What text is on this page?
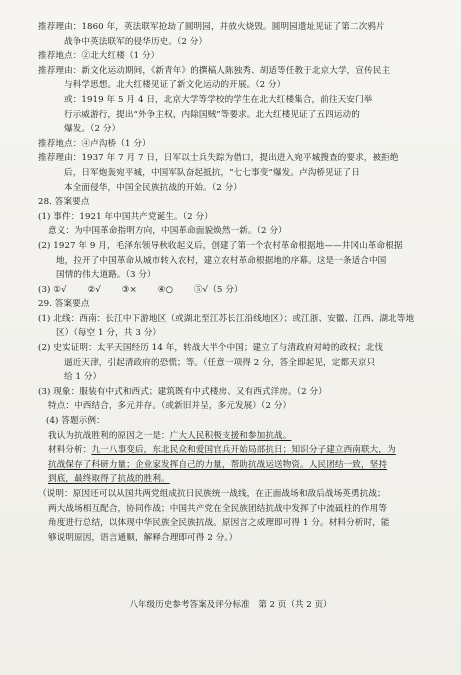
推荐理由：1860 年，英法联军抢劫了圆明园，并放火烧毁。圆明园遗址见证了第二次鸦片
战争中英法联军的侵华历史。（2 分）
推荐地点：②北大红楼（1 分）
推荐理由：新文化运动期间，《新青年》的撰稿人陈独秀、胡适等任教于北京大学，宣传民主
与科学思想。北大红楼见证了新文化运动的开展。（2 分）
或：1919 年 5 月 4 日，北京大学等学校的学生在北大红楼集合，前往天安门举
行示威游行，提出“外争主权，内除国贼”等要求。北大红楼见证了五四运动的
爆发。（2 分）
推荐地点：④卢沟桥（1 分）
推荐理由：1937 年 7 月 7 日，日军以士兵失踪为借口，提出进入宛平城搜查的要求，被拒绝
后，日军炮轰宛平城，中国军队奋起抵抗，“七七事变”爆发。卢沟桥见证了日
本全面侵华，中国全民族抗战的开始。（2 分）
28. 答案要点
(1) 事件：1921 年中国共产党诞生。（2 分）
意义：为中国革命指明方向，中国革命面貌焕然一新。（2 分）
(2) 1927 年 9 月，毛泽东领导秋收起义后，创建了第一个农村革命根据地——井冈山革命根据
地，拉开了中国革命从城市转入农村，建立农村革命根据地的序幕。这是一条适合中国
国情的伟大道路。（3 分）
(3) ①√ ②√ ③× ④○ ⑤√（5 分）
29. 答案要点
(1) 北线：西南：长江中下游地区（或湖北至江苏长江沿线地区）；或江浙、安徽、江西、湖北等地
区）（每空 1 分，共 3 分）
(2) 史实证明：太平天国经历 14 年，转战大半个中国；建立了与清政府对峙的政权；北伐
逼近天津，引起清政府的恐慌；等。（任意一项得 2 分，答全即起见，定都天京只
给 1 分）
(3) 现象：服装有中式和西式；建筑既有中式楼房、又有西式洋房。（2 分）
特点：中西结合，多元并存。（或新旧并呈，多元发展）（2 分）
(4) 答题示例：
我认为抗战胜利的原因之一是：广大人民积极支援和参加抗战。
材料分析：九一八事变后，东北民众和爱国官兵开始局部抗日；知识分子建立西南联大，为
抗战保存了科研力量；企业家发挥自己的力量，帮助抗战运送物资。人民团结一致，坚持
到底，最终取得了抗战的胜利。
（说明：原因还可以从国共两党组成抗日民族统一战线，在正面战场和敌后战场英勇抗战；
两大战场相互配合，协同作战；中国共产党在全民族团结抗战中发挥了中流砥柱的作用等
角度进行总结，以体现中华民族全民族抗战。原因言之成理即可得 1 分。材料分析时，能
够说明原因，语言通顺，解释合理即可得 2 分。）
八年级历史参考答案及评分标准　第 2 页（共 2 页）
